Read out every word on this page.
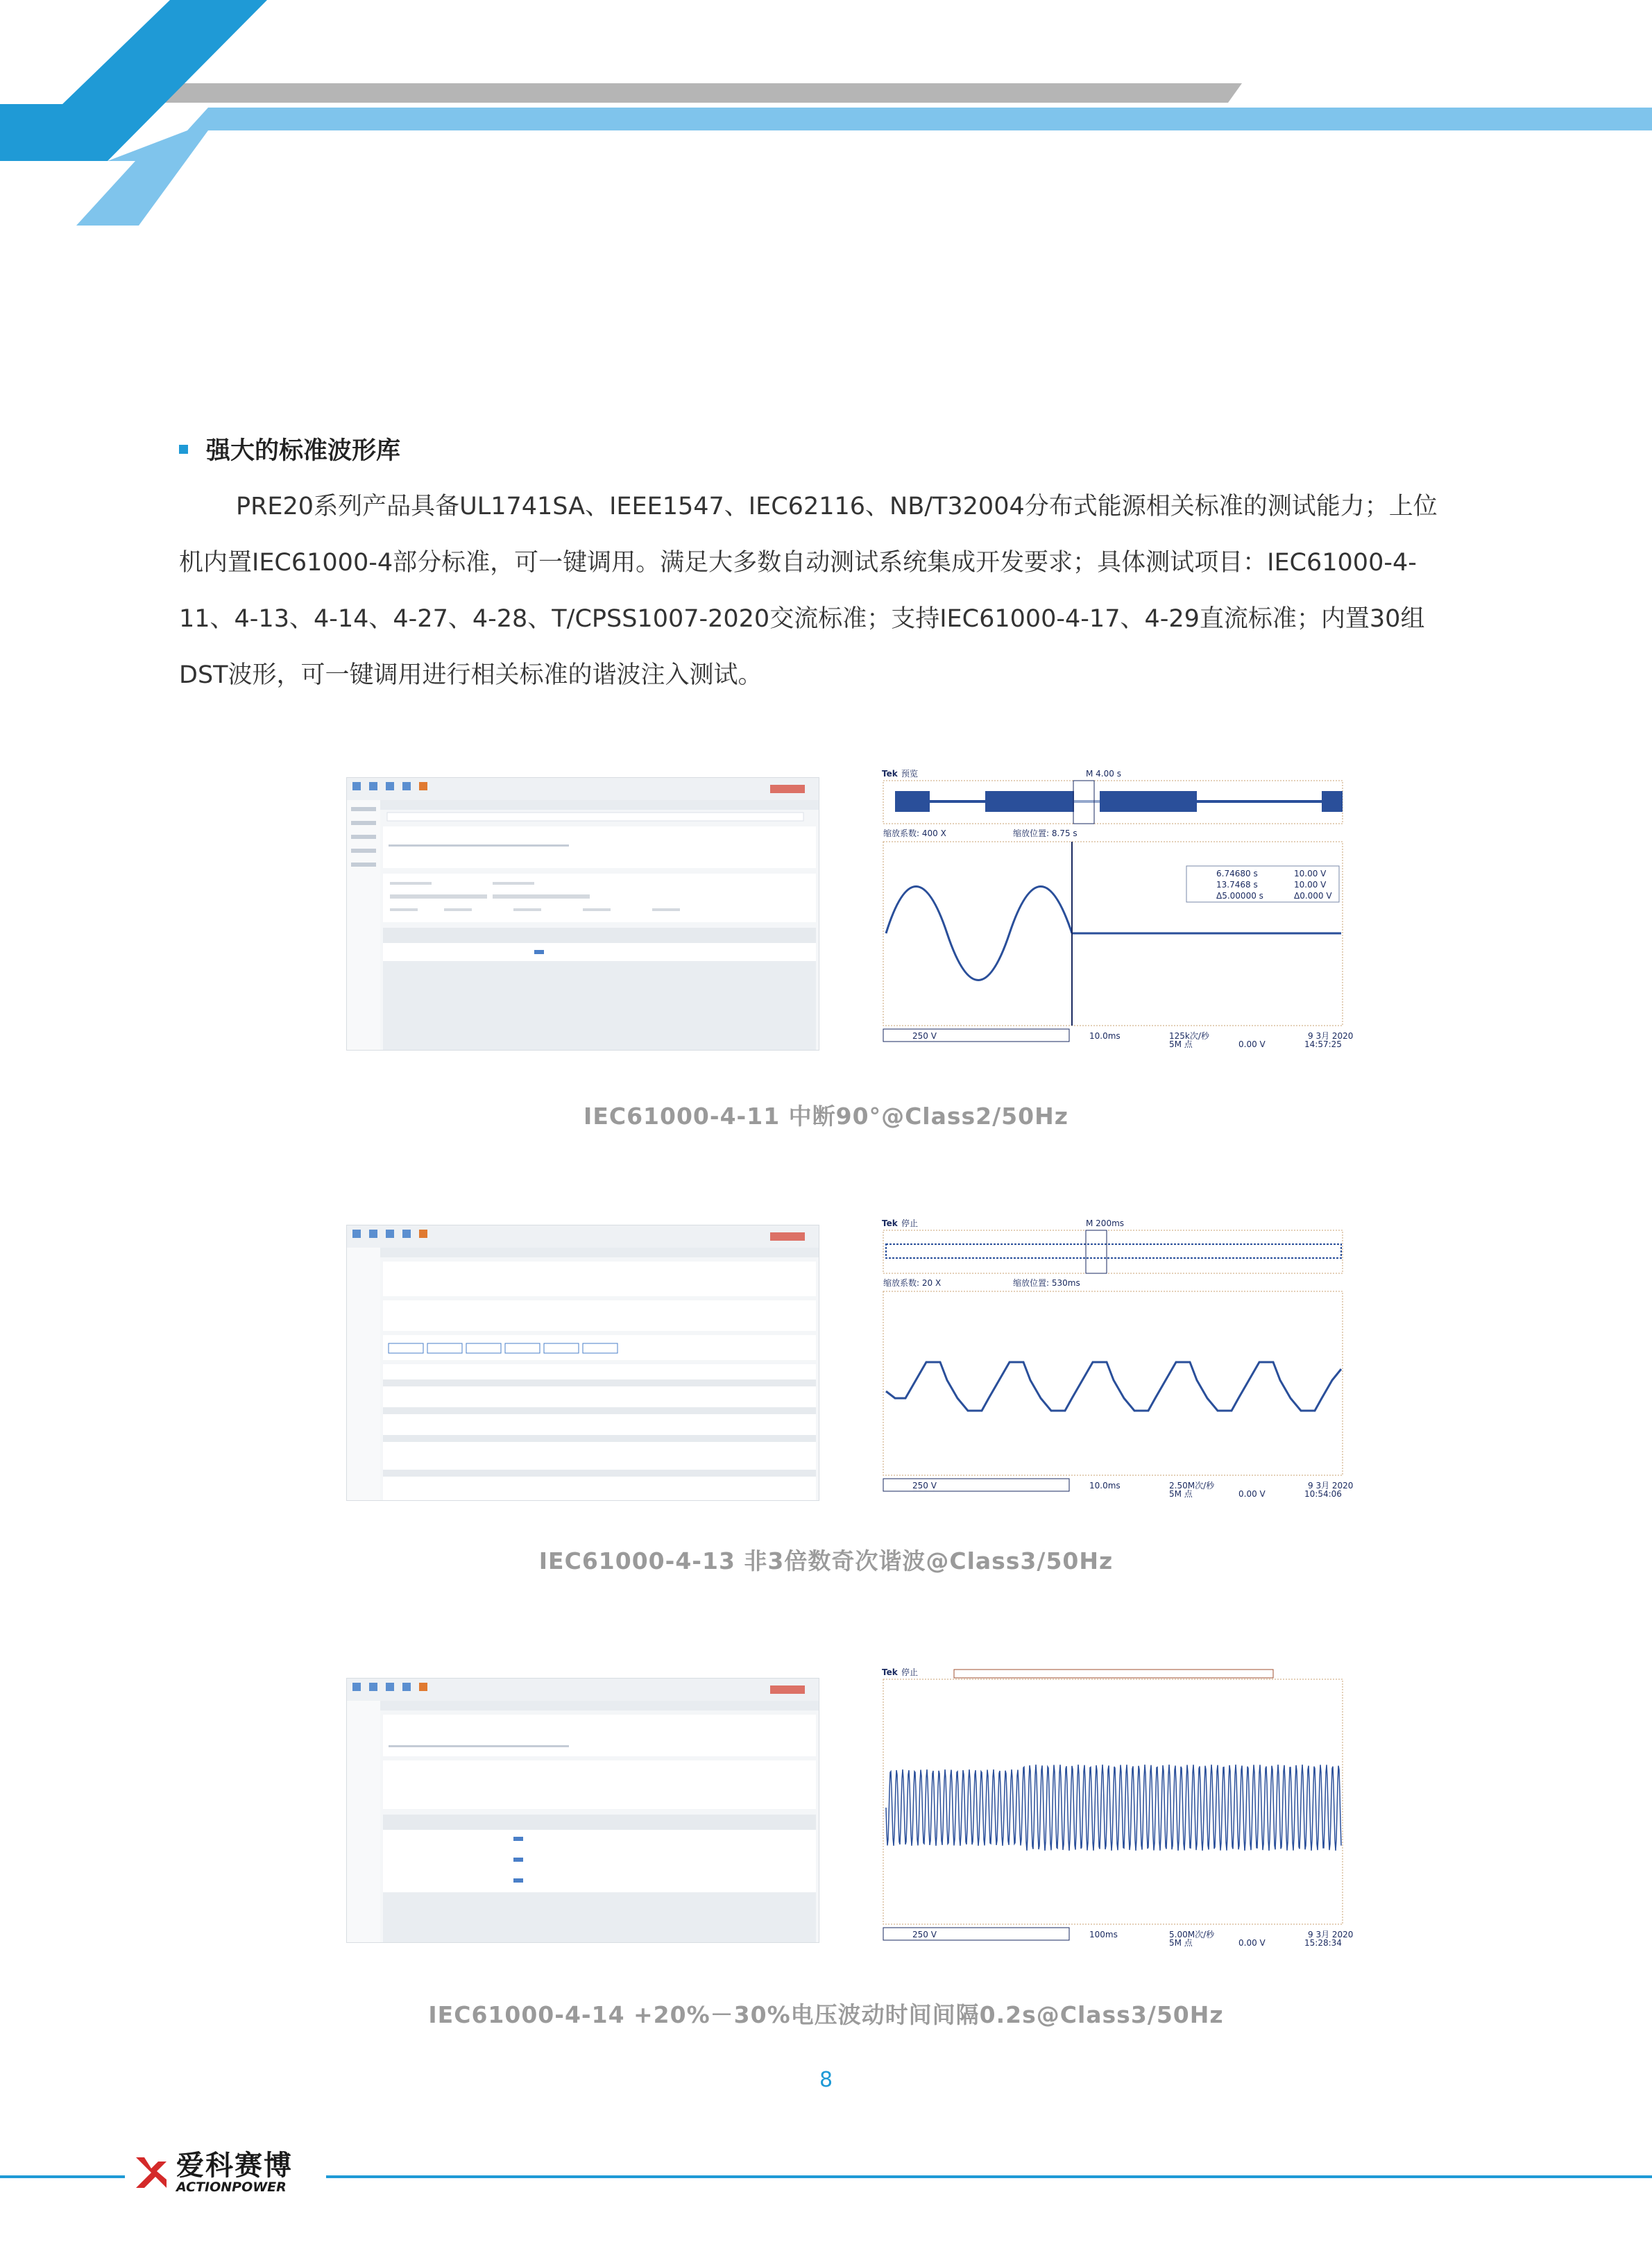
强大的标准波形库

PRE20系列产品具备UL1741SA、IEEE1547、IEC62116、NB/T32004分布式能源相关标准的测试能力；上位
机内置IEC61000-4部分标准，可一键调用。满足大多数自动测试系统集成开发要求；具体测试项目：IEC61000-4-
11、4-13、4-14、4-27、4-28、T/CPSS1007-2020交流标准；支持IEC61000-4-17、4-29直流标准；内置30组
DST波形，可一键调用进行相关标准的谐波注入测试。

Tek 预览	M 4.00 s
缩放系数: 400 X	缩放位置: 8.75 s
6.74680 s	10.00 V
13.7468 s	10.00 V
Δ5.00000 s	Δ0.000 V
250 V	10.0ms	125k次/秒
5M 点	0.00 V
9 3月 2020
14:57:25
IEC61000-4-11 中断90°@Class2/50Hz
Tek 停止	M 200ms
缩放系数: 20 X	缩放位置: 530ms
250 V	10.0ms	2.50M次/秒
5M 点	0.00 V
9 3月 2020
10:54:06
IEC61000-4-13 非3倍数奇次谐波@Class3/50Hz
Tek 停止
250 V	100ms	5.00M次/秒
5M 点	0.00 V
9 3月 2020
15:28:34
IEC61000-4-14 +20%－30%电压波动时间间隔0.2s@Class3/50Hz
8
爱科赛博
ACTIONPOWER
